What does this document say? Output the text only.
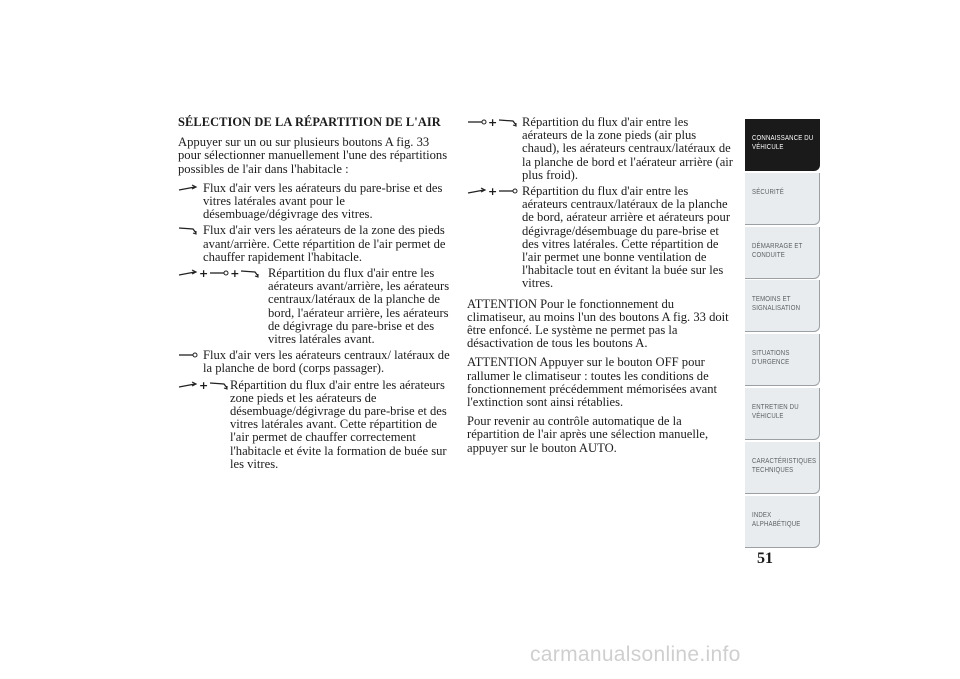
SÉLECTION DE LA RÉPARTITION DE L'AIR

Appuyer sur un ou sur plusieurs boutons A fig. 33 pour sélectionner manuellement l'une des répartitions possibles de l'air dans l'habitacle :

Flux d'air vers les aérateurs du pare-brise et des vitres latérales avant pour le désembuage/dégivrage des vitres.
Flux d'air vers les aérateurs de la zone des pieds avant/arrière. Cette répartition de l'air permet de chauffer rapidement l'habitacle.
+ + Répartition du flux d'air entre les aérateurs avant/arrière, les aérateurs centraux/latéraux de la planche de bord, l'aérateur arrière, les aérateurs de dégivrage du pare-brise et des vitres latérales avant.
Flux d'air vers les aérateurs centraux/ latéraux de la planche de bord (corps passager).
+ Répartition du flux d'air entre les aérateurs zone pieds et les aérateurs de désembuage/dégivrage du pare-brise et des vitres latérales avant. Cette répartition de l'air permet de chauffer correctement l'habitacle et évite la formation de buée sur les vitres.
+ Répartition du flux d'air entre les aérateurs de la zone pieds (air plus chaud), les aérateurs centraux/latéraux de la planche de bord et l'aérateur arrière (air plus froid).
+ Répartition du flux d'air entre les aérateurs centraux/latéraux de la planche de bord, aérateur arrière et aérateurs pour dégivrage/désembuage du pare-brise et des vitres latérales. Cette répartition de l'air permet une bonne ventilation de l'habitacle tout en évitant la buée sur les vitres.

ATTENTION Pour le fonctionnement du climatiseur, au moins l'un des boutons A fig. 33 doit être enfoncé. Le système ne permet pas la désactivation de tous les boutons A.

ATTENTION Appuyer sur le bouton OFF pour rallumer le climatiseur : toutes les conditions de fonctionnement précédemment mémorisées avant l'extinction sont ainsi rétablies.

Pour revenir au contrôle automatique de la répartition de l'air après une sélection manuelle, appuyer sur le bouton AUTO.

CONNAISSANCE DU
VÉHICULE
SÉCURITÉ
DÉMARRAGE ET
CONDUITE
TEMOINS ET
SIGNALISATION
SITUATIONS
D'URGENCE
ENTRETIEN DU
VÉHICULE
CARACTÉRISTIQUES
TECHNIQUES
INDEX
ALPHABÉTIQUE
51
carmanualsonline.info
